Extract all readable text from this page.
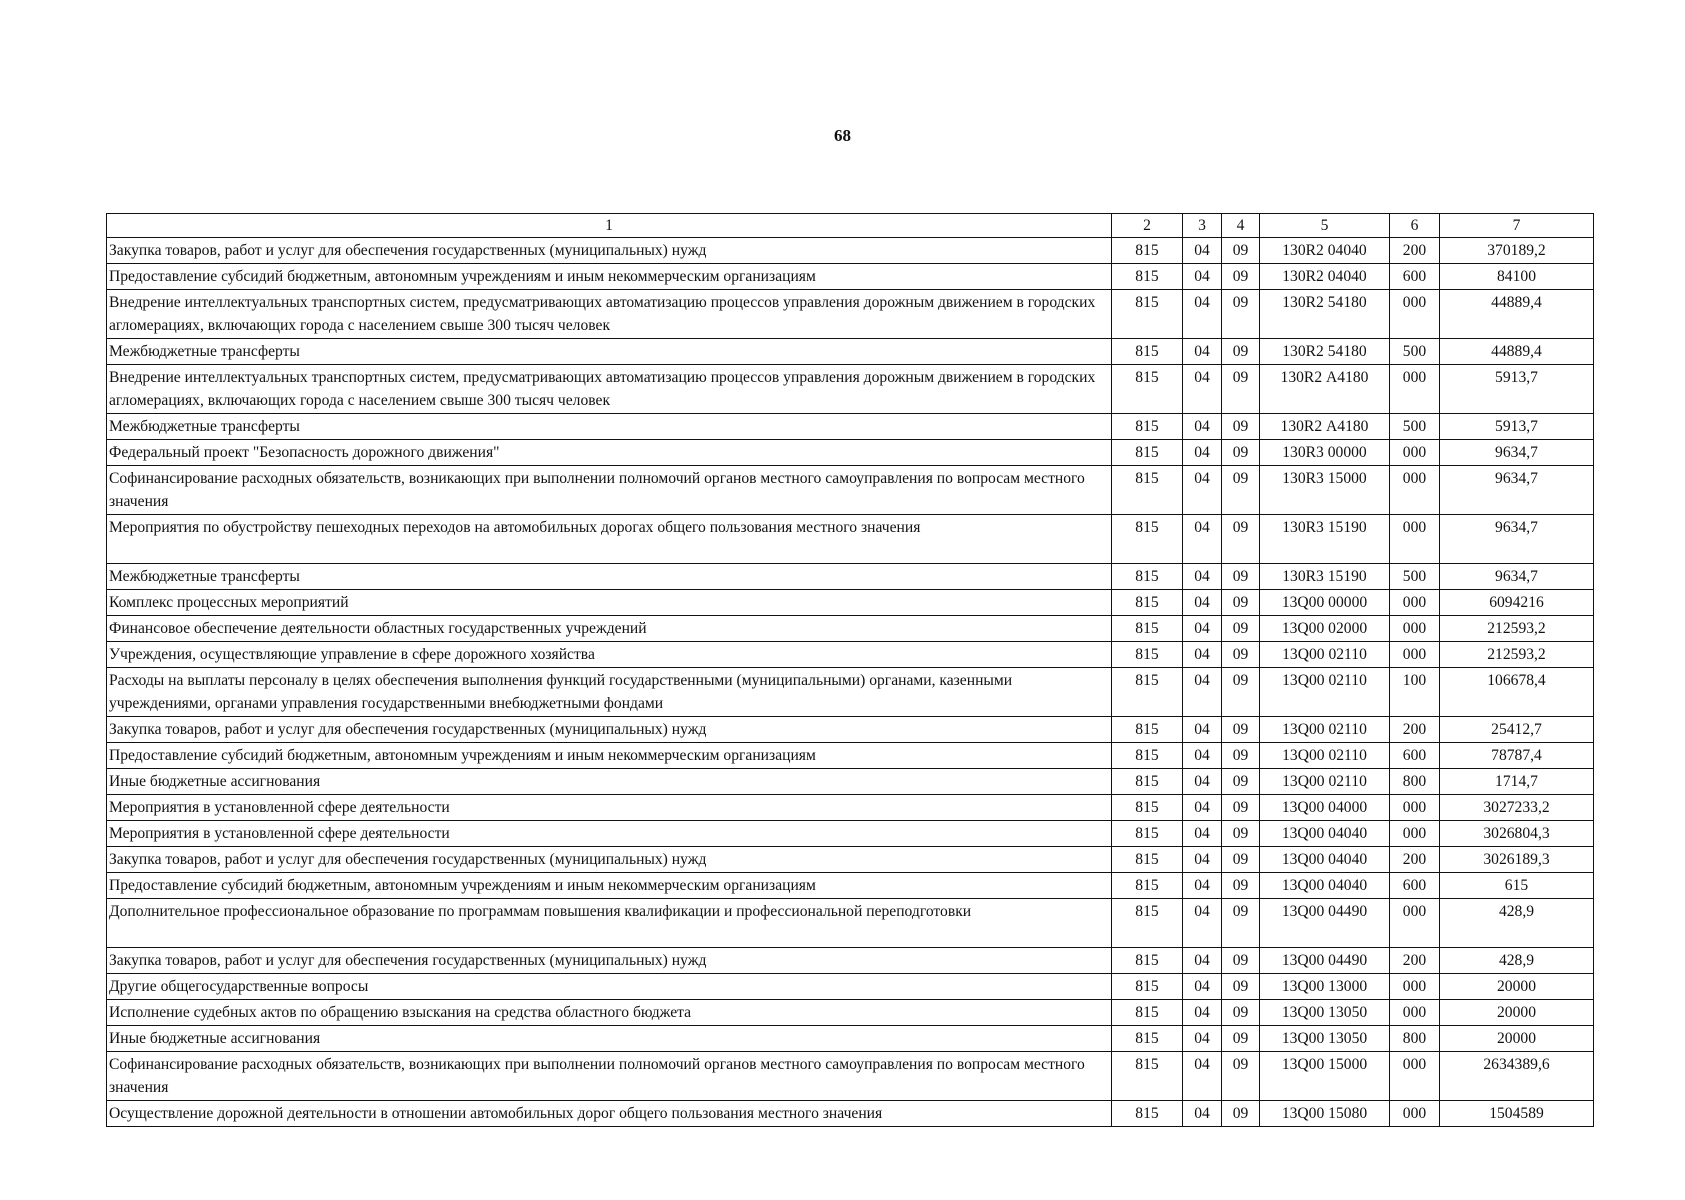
68
1	2	3	4	5	6	7
Закупка товаров, работ и услуг для обеспечения государственных (муниципальных) нужд	815	04	09	130R2 04040	200	370189,2
Предоставление субсидий бюджетным, автономным учреждениям и иным некоммерческим организациям	815	04	09	130R2 04040	600	84100
Внедрение интеллектуальных транспортных систем, предусматривающих автоматизацию процессов управления дорожным движением в городских агломерациях, включающих города с населением свыше 300 тысяч человек	815	04	09	130R2 54180	000	44889,4
Межбюджетные трансферты	815	04	09	130R2 54180	500	44889,4
Внедрение интеллектуальных транспортных систем, предусматривающих автоматизацию процессов управления дорожным движением в городских агломерациях, включающих города с населением свыше 300 тысяч человек	815	04	09	130R2 А4180	000	5913,7
Межбюджетные трансферты	815	04	09	130R2 А4180	500	5913,7
Федеральный проект "Безопасность дорожного движения"	815	04	09	130R3 00000	000	9634,7
Софинансирование расходных обязательств, возникающих при выполнении полномочий органов местного самоуправления по вопросам местного значения	815	04	09	130R3 15000	000	9634,7
Мероприятия по обустройству пешеходных переходов на автомобильных дорогах общего пользования местного значения	815	04	09	130R3 15190	000	9634,7
Межбюджетные трансферты	815	04	09	130R3 15190	500	9634,7
Комплекс процессных мероприятий	815	04	09	13Q00 00000	000	6094216
Финансовое обеспечение деятельности областных государственных учреждений	815	04	09	13Q00 02000	000	212593,2
Учреждения, осуществляющие управление в сфере дорожного хозяйства	815	04	09	13Q00 02110	000	212593,2
Расходы на выплаты персоналу в целях обеспечения выполнения функций государственными (муниципальными) органами, казенными учреждениями, органами управления государственными внебюджетными фондами	815	04	09	13Q00 02110	100	106678,4
Закупка товаров, работ и услуг для обеспечения государственных (муниципальных) нужд	815	04	09	13Q00 02110	200	25412,7
Предоставление субсидий бюджетным, автономным учреждениям и иным некоммерческим организациям	815	04	09	13Q00 02110	600	78787,4
Иные бюджетные ассигнования	815	04	09	13Q00 02110	800	1714,7
Мероприятия в установленной сфере деятельности	815	04	09	13Q00 04000	000	3027233,2
Мероприятия в установленной сфере деятельности	815	04	09	13Q00 04040	000	3026804,3
Закупка товаров, работ и услуг для обеспечения государственных (муниципальных) нужд	815	04	09	13Q00 04040	200	3026189,3
Предоставление субсидий бюджетным, автономным учреждениям и иным некоммерческим организациям	815	04	09	13Q00 04040	600	615
Дополнительное профессиональное образование по программам повышения квалификации и профессиональной переподготовки	815	04	09	13Q00 04490	000	428,9
Закупка товаров, работ и услуг для обеспечения государственных (муниципальных) нужд	815	04	09	13Q00 04490	200	428,9
Другие общегосударственные вопросы	815	04	09	13Q00 13000	000	20000
Исполнение судебных актов по обращению взыскания на средства областного бюджета	815	04	09	13Q00 13050	000	20000
Иные бюджетные ассигнования	815	04	09	13Q00 13050	800	20000
Софинансирование расходных обязательств, возникающих при выполнении полномочий органов местного самоуправления по вопросам местного значения	815	04	09	13Q00 15000	000	2634389,6
Осуществление дорожной деятельности в отношении автомобильных дорог общего пользования местного значения	815	04	09	13Q00 15080	000	1504589
